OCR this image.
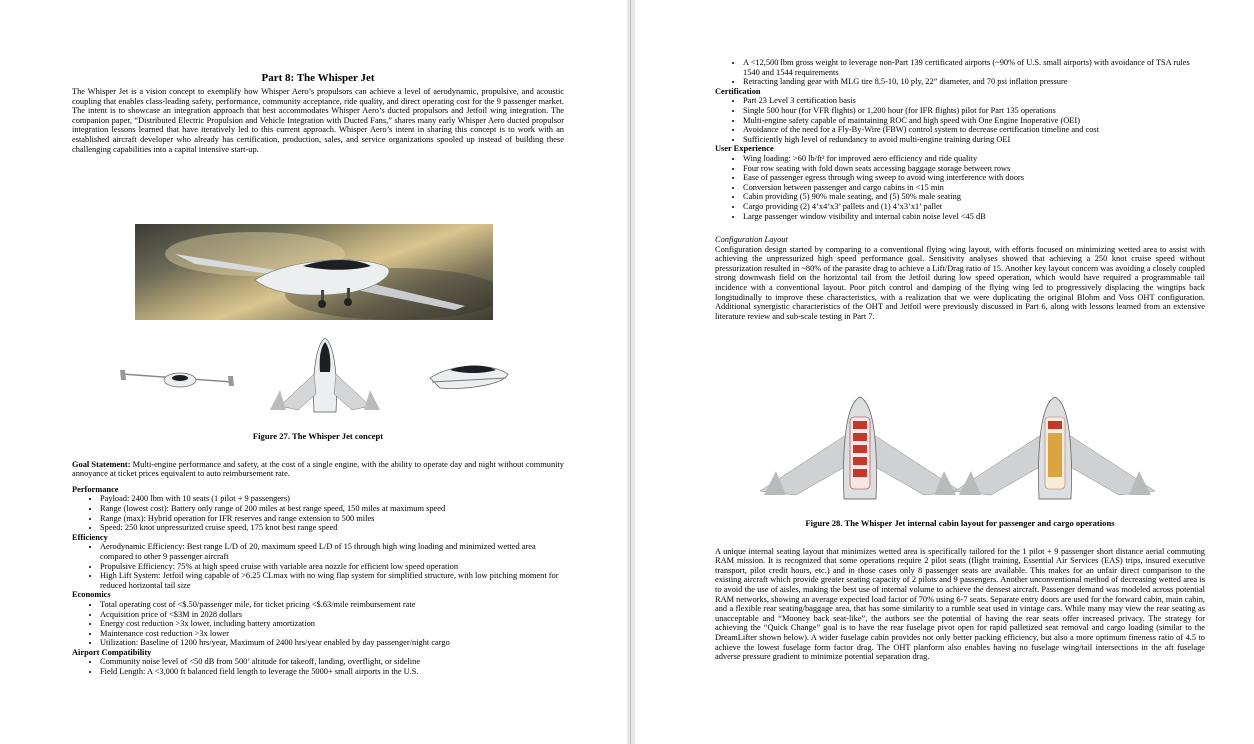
Part 8: The Whisper Jet

The Whisper Jet is a vision concept to exemplify how Whisper Aero’s propulsors can achieve a level of aerodynamic, propulsive, and acoustic coupling that enables class-leading safety, performance, community acceptance, ride quality, and direct operating cost for the 9 passenger market. The intent is to showcase an integration approach that best accommodates Whisper Aero’s ducted propulsors and Jetfoil wing integration. The companion paper, “Distributed Electric Propulsion and Vehicle Integration with Ducted Fans,” shares many early Whisper Aero ducted propulsor integration lessons learned that have iteratively led to this current approach. Whisper Aero’s intent in sharing this concept is to work with an established aircraft developer who already has certification, production, sales, and service organizations spooled up instead of building these challenging capabilities into a capital intensive start-up.

Figure 27. The Whisper Jet concept

Goal Statement: Multi-engine performance and safety, at the cost of a single engine, with the ability to operate day and night without community annoyance at ticket prices equivalent to auto reimbursement rate.

Performance
• Payload: 2400 lbm with 10 seats (1 pilot + 9 passengers)
• Range (lowest cost): Battery only range of 200 miles at best range speed, 150 miles at maximum speed
• Range (max): Hybrid operation for IFR reserves and range extension to 500 miles
• Speed: 250 knot unpressurized cruise speed, 175 knot best range speed
Efficiency
• Aerodynamic Efficiency: Best range L/D of 20, maximum speed L/D of 15 through high wing loading and minimized wetted area compared to other 9 passenger aircraft
• Propulsive Efficiency: 75% at high speed cruise with variable area nozzle for efficient low speed operation
• High Lift System: Jetfoil wing capable of >6.25 CLmax with no wing flap system for simplified structure, with low pitching moment for reduced horizontal tail size
Economics
• Total operating cost of <$.50/passenger mile, for ticket pricing <$.63/mile reimbursement rate
• Acquisition price of <$3M in 2028 dollars
• Energy cost reduction >3x lower, including battery amortization
• Maintenance cost reduction >3x lower
• Utilization: Baseline of 1200 hrs/year, Maximum of 2400 hrs/year enabled by day passenger/night cargo
Airport Compatibility
• Community noise level of <50 dB from 500’ altitude for takeoff, landing, overflight, or sideline
• Field Length: A <3,000 ft balanced field length to leverage the 5000+ small airports in the U.S.
• A <12,500 lbm gross weight to leverage non-Part 139 certificated airports (~90% of U.S. small airports) with avoidance of TSA rules 1540 and 1544 requirements
• Retracting landing gear with MLG tire 8.5-10, 10 ply, 22” diameter, and 70 psi inflation pressure
Certification
• Part 23 Level 3 certification basis
• Single 500 hour (for VFR flights) or 1,200 hour (for IFR flights) pilot for Part 135 operations
• Multi-engine safety capable of maintaining ROC and high speed with One Engine Inoperative (OEI)
• Avoidance of the need for a Fly-By-Wire (FBW) control system to decrease certification timeline and cost
• Sufficiently high level of redundancy to avoid multi-engine training during OEI
User Experience
• Wing loading: >60 lb/ft² for improved aero efficiency and ride quality
• Four row seating with fold down seats accessing baggage storage between rows
• Ease of passenger egress through wing sweep to avoid wing interference with doors
• Conversion between passenger and cargo cabins in <15 min
• Cabin providing (5) 90% male seating, and (5) 50% male seating
• Cargo providing (2) 4’x4’x3’ pallets and (1) 4’x3’x1’ pallet
• Large passenger window visibility and internal cabin noise level <45 dB
Configuration Layout

Configuration design started by comparing to a conventional flying wing layout, with efforts focused on minimizing wetted area to assist with achieving the unpressurized high speed performance goal. Sensitivity analyses showed that achieving a 250 knot cruise speed without pressurization resulted in ~80% of the parasite drag to achieve a Lift/Drag ratio of 15. Another key layout concern was avoiding a closely coupled strong downwash field on the horizontal tail from the Jetfoil during low speed operation, which would have required a programmable tail incidence with a conventional layout. Poor pitch control and damping of the flying wing led to progressively displacing the wingtips back longitudinally to improve these characteristics, with a realization that we were duplicating the original Blohm and Voss OHT configuration. Additional synergistic characteristics of the OHT and Jetfoil were previously discussed in Part 6, along with lessons learned from an extensive literature review and sub-scale testing in Part 7.

Figure 28. The Whisper Jet internal cabin layout for passenger and cargo operations

A unique internal seating layout that minimizes wetted area is specifically tailored for the 1 pilot + 9 passenger short distance aerial commuting RAM mission. It is recognized that some operations require 2 pilot seats (flight training, Essential Air Services (EAS) trips, insured executive transport, pilot credit hours, etc.) and in those cases only 8 passenger seats are available. This makes for an unfair direct comparison to the existing aircraft which provide greater seating capacity of 2 pilots and 9 passengers. Another unconventional method of decreasing wetted area is to avoid the use of aisles, making the best use of internal volume to achieve the densest aircraft. Passenger demand was modeled across potential RAM networks, showing an average expected load factor of 70% using 6-7 seats. Separate entry doors are used for the forward cabin, main cabin, and a flexible rear seating/baggage area, that has some similarity to a rumble seat used in vintage cars. While many may view the rear seating as unacceptable and “Mooney back seat-like”, the authors see the potential of having the rear seats offer increased privacy. The strategy for achieving the “Quick Change” goal is to have the rear fuselage pivot open for rapid palletized seat removal and cargo loading (similar to the DreamLifter shown below). A wider fuselage cabin provides not only better packing efficiency, but also a more optimum fineness ratio of 4.5 to achieve the lowest fuselage form factor drag. The OHT planform also enables having no fuselage wing/tail intersections in the aft fuselage adverse pressure gradient to minimize potential separation drag.
